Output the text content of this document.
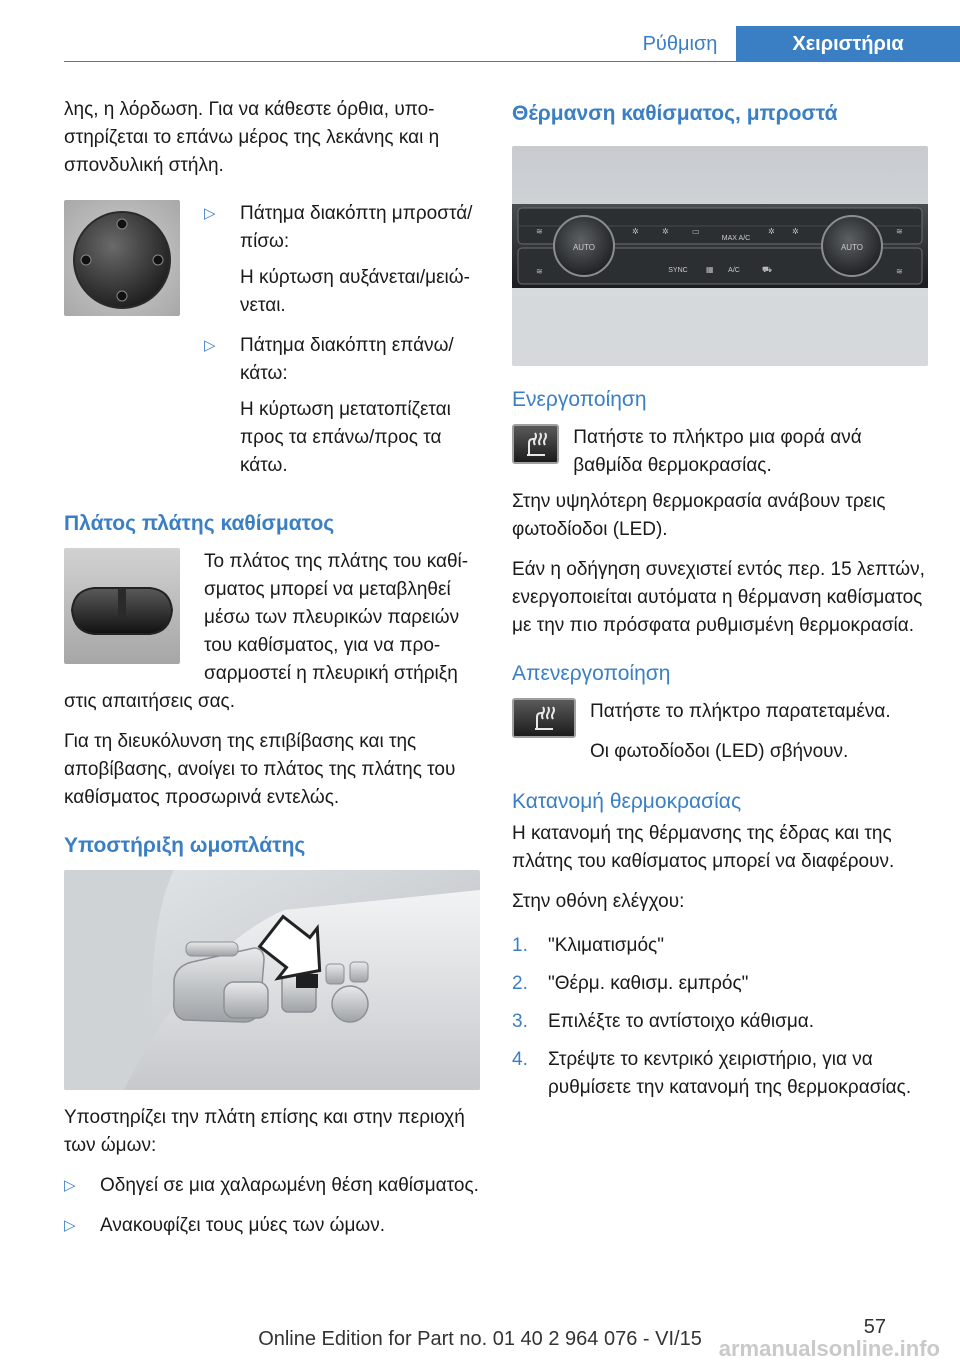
Ρύθμιση	Χειριστήρια

λης, η λόρδωση. Για να κάθεστε όρθια, υποστηρίζεται το επάνω μέρος της λεκάνης και η σπονδυλική στήλη.

▷ Πάτημα διακόπτη μπροστά/πίσω:
Η κύρτωση αυξάνεται/μειώνεται.
▷ Πάτημα διακόπτη επάνω/κάτω:
Η κύρτωση μετατοπίζεται προς τα επάνω/προς τα κάτω.
Πλάτος πλάτης καθίσματος

Το πλάτος της πλάτης του καθίσματος μπορεί να μεταβληθεί μέσω των πλευρικών παρειών του καθίσματος, για να προσαρμοστεί η πλευρική στήριξη στις απαιτήσεις σας.

Για τη διευκόλυνση της επιβίβασης και της αποβίβασης, ανοίγει το πλάτος της πλάτης του καθίσματος προσωρινά εντελώς.

Υποστήριξη ωμοπλάτης

Υποστηρίζει την πλάτη επίσης και στην περιοχή των ώμων:

▷ Οδηγεί σε μια χαλαρωμένη θέση καθίσματος.
▷ Ανακουφίζει τους μύες των ώμων.
Θέρμανση καθίσματος, μπροστά
AUTO	AUTO
MAX A/C
SYNC	A/C
≋
≋
✲	✲	▭	✲ ✲	≋
≋
▦	⛟
Ενεργοποίηση

Πατήστε το πλήκτρο μια φορά ανά βαθμίδα θερμοκρασίας.

Στην υψηλότερη θερμοκρασία ανάβουν τρεις φωτοδίοδοι (LED).

Εάν η οδήγηση συνεχιστεί εντός περ. 15 λεπτών, ενεργοποιείται αυτόματα η θέρμανση καθίσματος με την πιο πρόσφατα ρυθμισμένη θερμοκρασία.

Απενεργοποίηση

Πατήστε το πλήκτρο παρατεταμένα.

Οι φωτοδίοδοι (LED) σβήνουν.

Κατανομή θερμοκρασίας

Η κατανομή της θέρμανσης της έδρας και της πλάτης του καθίσματος μπορεί να διαφέρουν.

Στην οθόνη ελέγχου:

1. "Κλιματισμός"
2. "Θέρμ. καθισμ. εμπρός"
3. Επιλέξτε το αντίστοιχο κάθισμα.
4. Στρέψτε το κεντρικό χειριστήριο, για να ρυθμίσετε την κατανομή της θερμοκρασίας.
57
Online Edition for Part no. 01 40 2 964 076 - VI/15 armanualsonline.info
